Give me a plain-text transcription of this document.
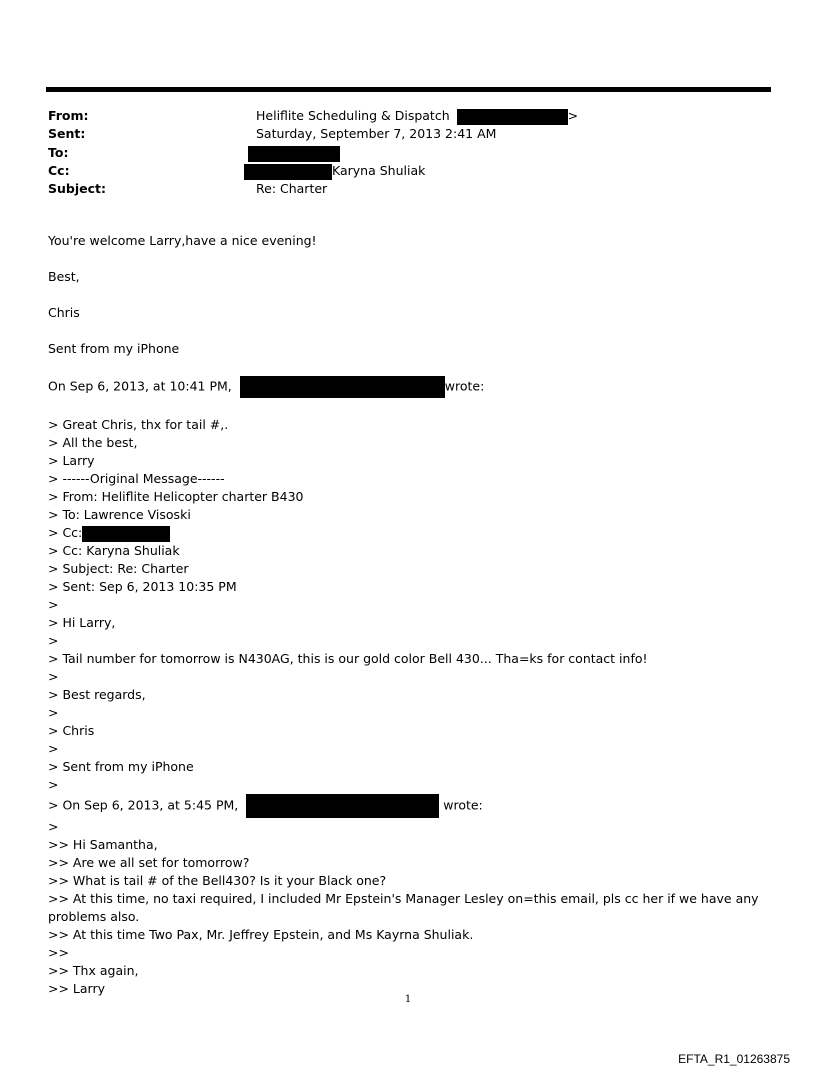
From:	Heliflite Scheduling & Dispatch	>
Sent:	Saturday, September 7, 2013 2:41 AM
To:
Cc:	Karyna Shuliak
Subject:	Re: Charter

You're welcome Larry,have a nice evening!

Best,

Chris

Sent from my iPhone

On Sep 6, 2013, at 10:41 PM,	wrote:

> Great Chris, thx for tail #,.

> All the best,

> Larry

> ------Original Message------

> From: Heliflite Helicopter charter B430

> To: Lawrence Visoski

> Cc:

> Cc: Karyna Shuliak

> Subject: Re: Charter

> Sent: Sep 6, 2013 10:35 PM

>

> Hi Larry,

>

> Tail number for tomorrow is N430AG, this is our gold color Bell 430... Tha=ks for contact info!

>

> Best regards,

>

> Chris

>

> Sent from my iPhone

>

> On Sep 6, 2013, at 5:45 PM,	wrote:

>

>> Hi Samantha,

>> Are we all set for tomorrow?

>> What is tail # of the Bell430? Is it your Black one?

>> At this time, no taxi required, I included Mr Epstein's Manager Lesley on=this email, pls cc her if we have any problems also.

>> At this time Two Pax, Mr. Jeffrey Epstein, and Ms Kayrna Shuliak.

>>

>> Thx again,

>> Larry

1
EFTA_R1_01263875
